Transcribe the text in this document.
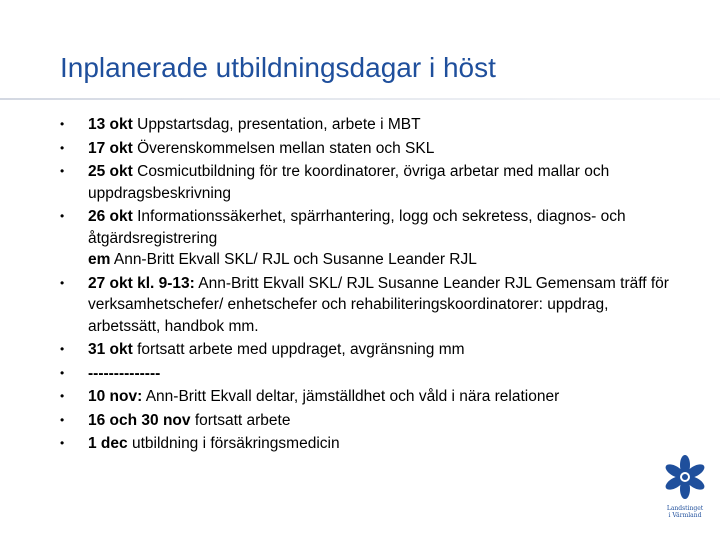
Inplanerade utbildningsdagar i höst
• 13 okt Uppstartsdag, presentation, arbete i MBT
• 17 okt Överenskommelsen mellan staten och SKL
• 25 okt Cosmicutbildning för tre koordinatorer, övriga arbetar med mallar och uppdragsbeskrivning
• 26 okt Informationssäkerhet, spärrhantering, logg och sekretess, diagnos- och åtgärdsregistrering
em Ann-Britt Ekvall SKL/ RJL och Susanne Leander RJL
• 27 okt kl. 9-13: Ann-Britt Ekvall SKL/ RJL Susanne Leander RJL Gemensam träff för verksamhetschefer/ enhetschefer och rehabiliteringskoordinatorer: uppdrag, arbetssätt, handbok mm.
• 31 okt fortsatt arbete med uppdraget, avgränsning mm
• --------------
• 10 nov: Ann-Britt Ekvall deltar, jämställdhet och våld i nära relationer
• 16 och 30 nov fortsatt arbete
• 1 dec utbildning i försäkringsmedicin
Landstinget
i Värmland
